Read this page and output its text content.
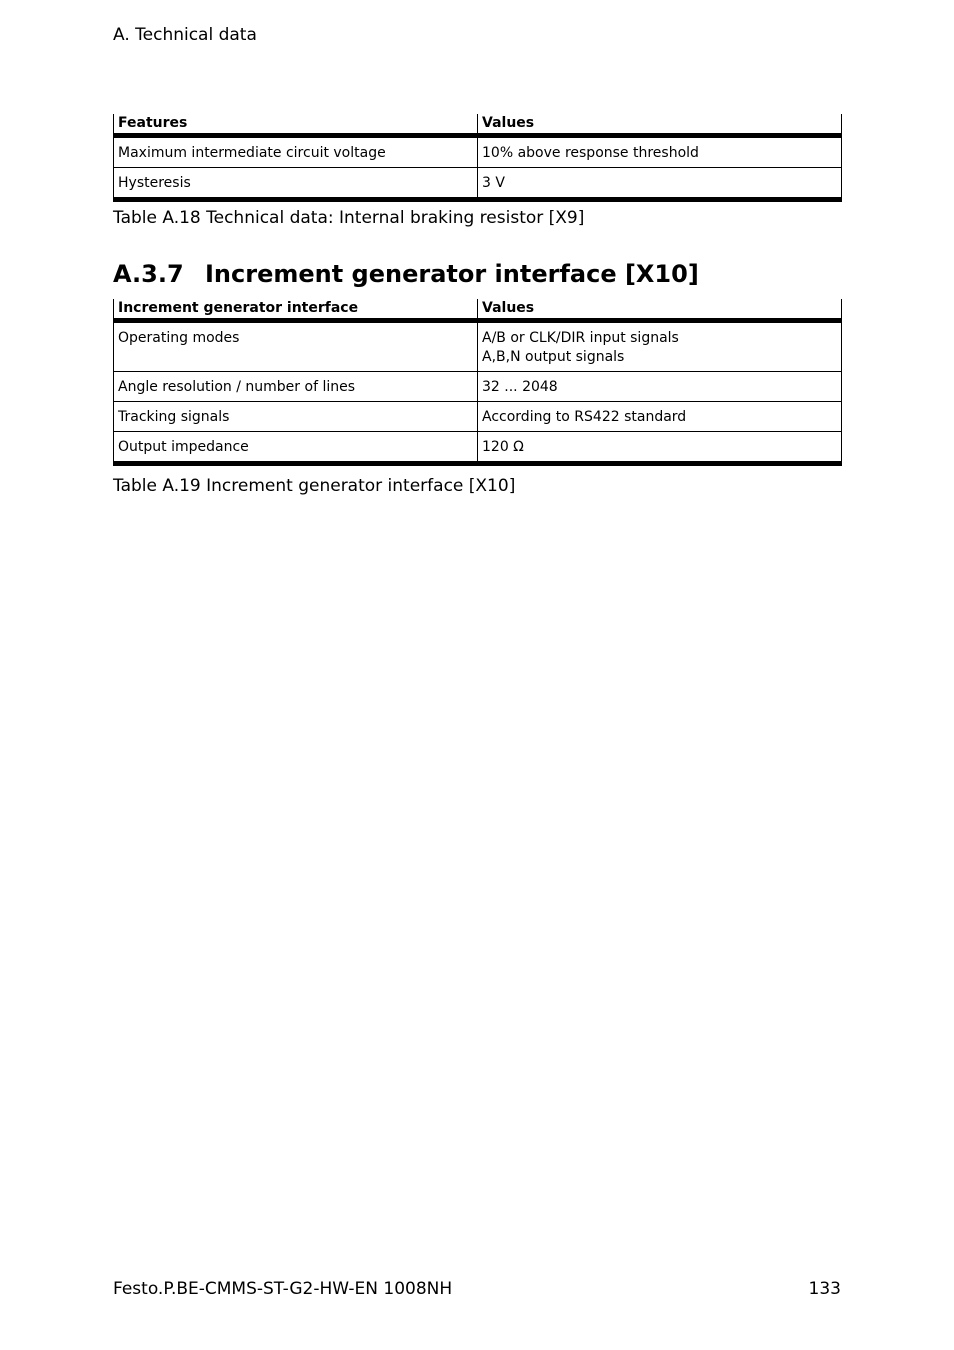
A. Technical data
Features	Values
Maximum intermediate circuit voltage	10% above response threshold
Hysteresis	3 V
Table A.18 Technical data: Internal braking resistor [X9]
A.3.7 Increment generator interface [X10]
Increment generator interface	Values
Operating modes	A/B or CLK/DIR input signals
A,B,N output signals

Angle resolution / number of lines	32 ... 2048
Tracking signals	According to RS422 standard
Output impedance	120 Ω
Table A.19 Increment generator interface [X10]
Festo.P.BE-CMMS-ST-G2-HW-EN 1008NH	133
